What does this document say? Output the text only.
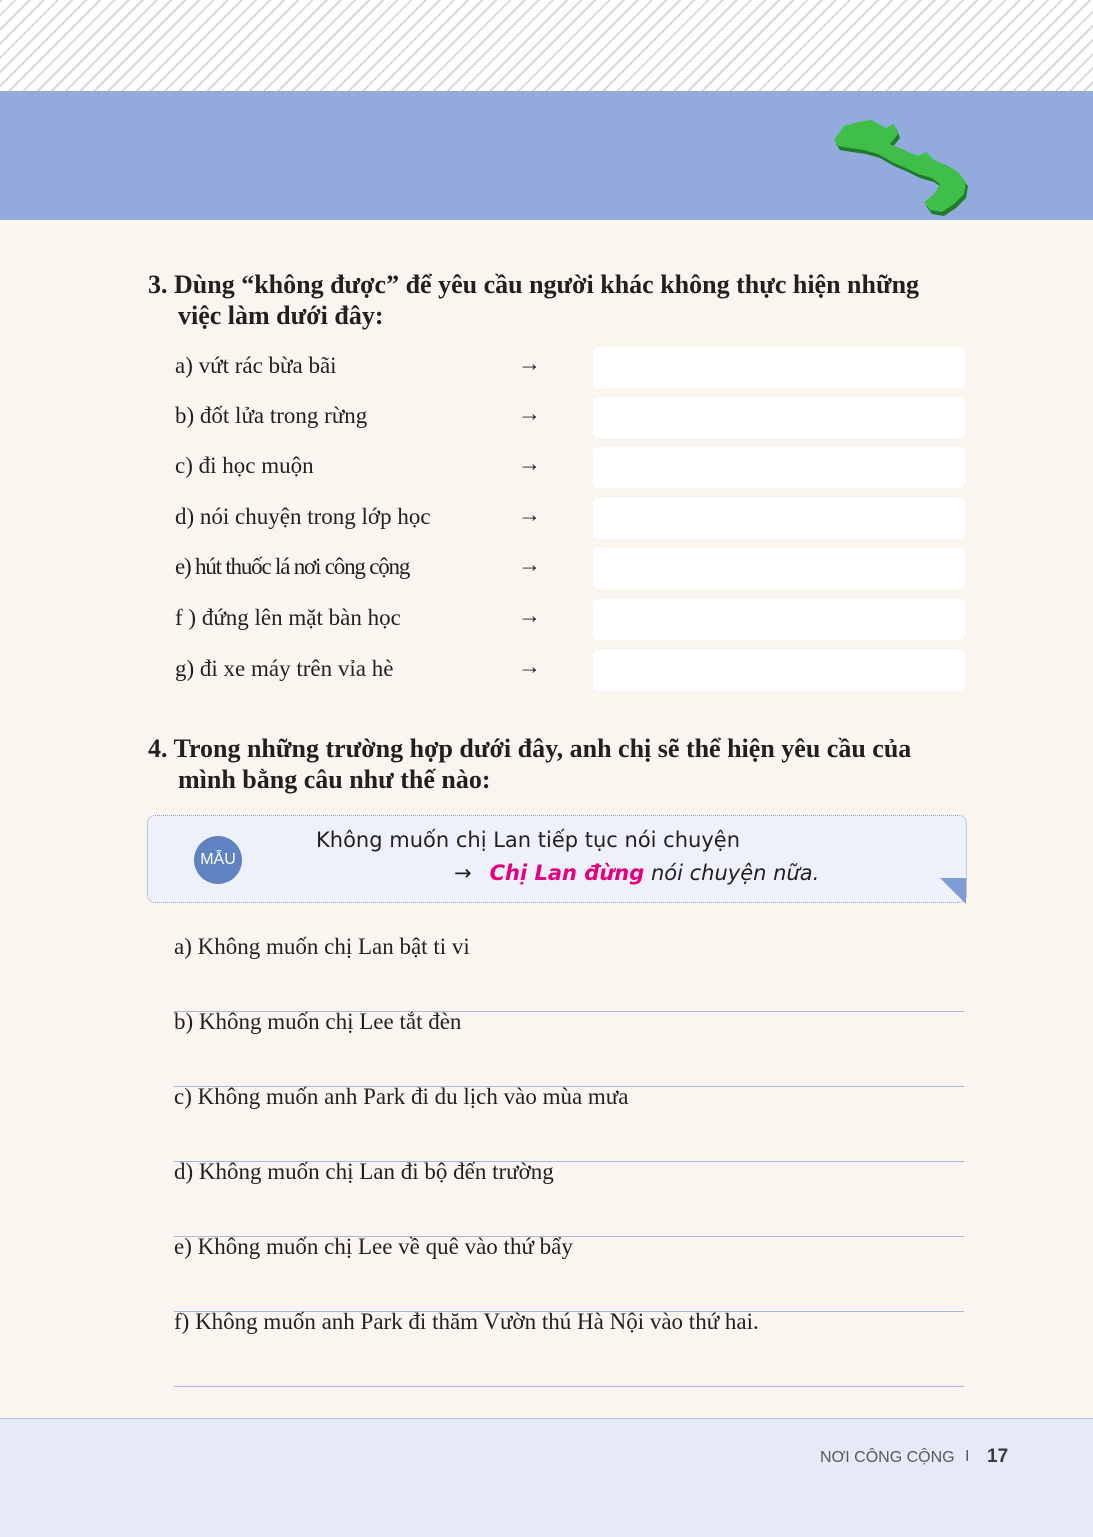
3. Dùng “không được” để yêu cầu người khác không thực hiện những
việc làm dưới đây:
a) vứt rác bừa bãi	→
b) đốt lửa trong rừng	→
c) đi học muộn	→
d) nói chuyện trong lớp học	→
e) hút thuốc lá nơi công cộng	→
f ) đứng lên mặt bàn học	→
g) đi xe máy trên vỉa hè	→
4. Trong những trường hợp dưới đây, anh chị sẽ thể hiện yêu cầu của
mình bằng câu như thế nào:
MẪU
Không muốn chị Lan tiếp tục nói chuyện
→ Chị Lan đừng nói chuyện nữa.
a) Không muốn chị Lan bật ti vi
b) Không muốn chị Lee tắt đèn
c) Không muốn anh Park đi du lịch vào mùa mưa
d) Không muốn chị Lan đi bộ đến trường
e) Không muốn chị Lee về quê vào thứ bẩy
f) Không muốn anh Park đi thăm Vườn thú Hà Nội vào thứ hai.
NƠI CÔNG CỘNG I 17
